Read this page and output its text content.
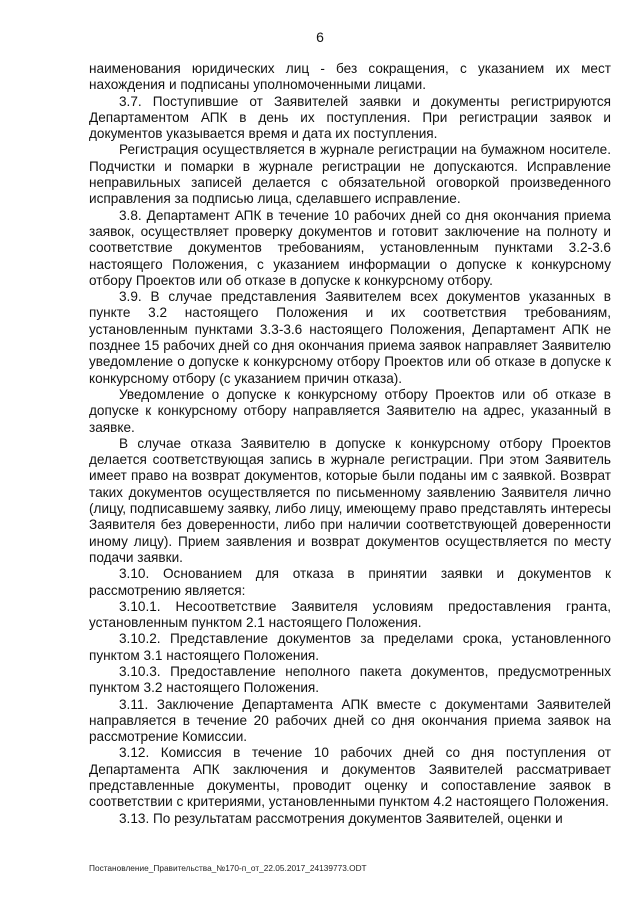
6

наименования юридических лиц - без сокращения, с указанием их мест нахождения и подписаны уполномоченными лицами.

3.7. Поступившие от Заявителей заявки и документы регистрируются Департаментом АПК в день их поступления. При регистрации заявок и документов указывается время и дата их поступления.

Регистрация осуществляется в журнале регистрации на бумажном носителе. Подчистки и помарки в журнале регистрации не допускаются. Исправление неправильных записей делается с обязательной оговоркой произведенного исправления за подписью лица, сделавшего исправление.

3.8. Департамент АПК в течение 10 рабочих дней со дня окончания приема заявок, осуществляет проверку документов и готовит заключение на полноту и соответствие документов требованиям, установленным пунктами 3.2-3.6 настоящего Положения, с указанием информации о допуске к конкурсному отбору Проектов или об отказе в допуске к конкурсному отбору.

3.9. В случае представления Заявителем всех документов указанных в пункте 3.2 настоящего Положения и их соответствия требованиям, установленным пунктами 3.3-3.6 настоящего Положения, Департамент АПК не позднее 15 рабочих дней со дня окончания приема заявок направляет Заявителю уведомление о допуске к конкурсному отбору Проектов или об отказе в допуске к конкурсному отбору (с указанием причин отказа).

Уведомление о допуске к конкурсному отбору Проектов или об отказе в допуске к конкурсному отбору направляется Заявителю на адрес, указанный в заявке.

В случае отказа Заявителю в допуске к конкурсному отбору Проектов делается соответствующая запись в журнале регистрации. При этом Заявитель имеет право на возврат документов, которые были поданы им с заявкой. Возврат таких документов осуществляется по письменному заявлению Заявителя лично (лицу, подписавшему заявку, либо лицу, имеющему право представлять интересы Заявителя без доверенности, либо при наличии соответствующей доверенности иному лицу). Прием заявления и возврат документов осуществляется по месту подачи заявки.

3.10. Основанием для отказа в принятии заявки и документов к рассмотрению является:

3.10.1. Несоответствие Заявителя условиям предоставления гранта, установленным пунктом 2.1 настоящего Положения.

3.10.2. Представление документов за пределами срока, установленного пунктом 3.1 настоящего Положения.

3.10.3. Предоставление неполного пакета документов, предусмотренных пунктом 3.2 настоящего Положения.

3.11. Заключение Департамента АПК вместе с документами Заявителей направляется в течение 20 рабочих дней со дня окончания приема заявок на рассмотрение Комиссии.

3.12. Комиссия в течение 10 рабочих дней со дня поступления от Департамента АПК заключения и документов Заявителей рассматривает представленные документы, проводит оценку и сопоставление заявок в соответствии с критериями, установленными пунктом 4.2 настоящего Положения.

3.13. По результатам рассмотрения документов Заявителей, оценки и

Постановление_Правительства_№170-п_от_22.05.2017_24139773.ODT
